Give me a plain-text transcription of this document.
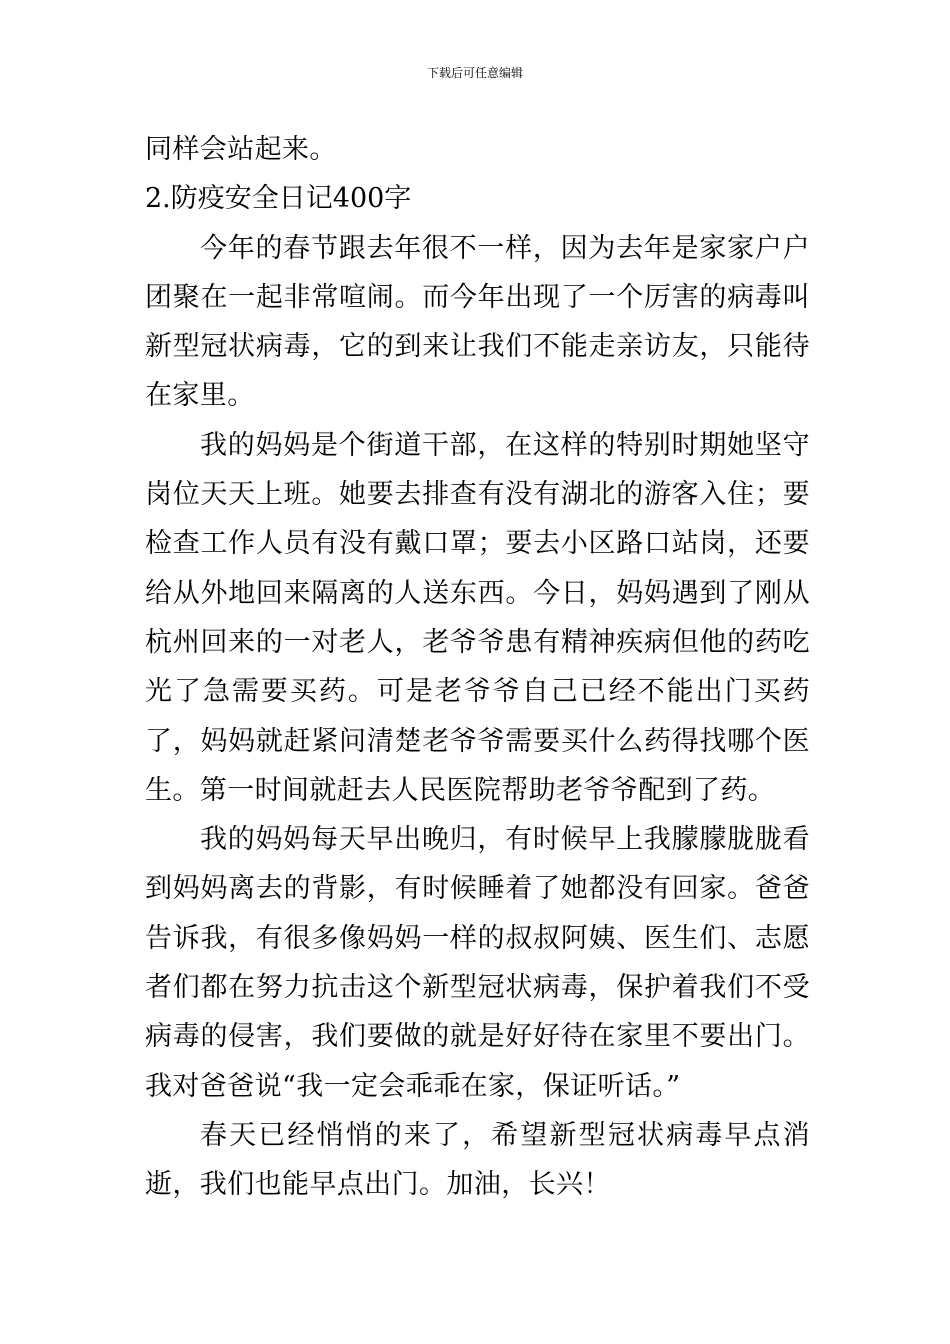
下载后可任意编辑

同样会站起来。

2.防疫安全日记400字

今年的春节跟去年很不一样，因为去年是家家户户团聚在一起非常喧闹。而今年出现了一个厉害的病毒叫新型冠状病毒，它的到来让我们不能走亲访友，只能待在家里。

我的妈妈是个街道干部，在这样的特别时期她坚守岗位天天上班。她要去排查有没有湖北的游客入住；要检查工作人员有没有戴口罩；要去小区路口站岗，还要给从外地回来隔离的人送东西。今日，妈妈遇到了刚从杭州回来的一对老人，老爷爷患有精神疾病但他的药吃光了急需要买药。可是老爷爷自己已经不能出门买药了，妈妈就赶紧问清楚老爷爷需要买什么药得找哪个医生。第一时间就赶去人民医院帮助老爷爷配到了药。

我的妈妈每天早出晚归，有时候早上我朦朦胧胧看到妈妈离去的背影，有时候睡着了她都没有回家。爸爸告诉我，有很多像妈妈一样的叔叔阿姨、医生们、志愿者们都在努力抗击这个新型冠状病毒，保护着我们不受病毒的侵害，我们要做的就是好好待在家里不要出门。我对爸爸说“我一定会乖乖在家，保证听话。”

春天已经悄悄的来了，希望新型冠状病毒早点消逝，我们也能早点出门。加油，长兴！
